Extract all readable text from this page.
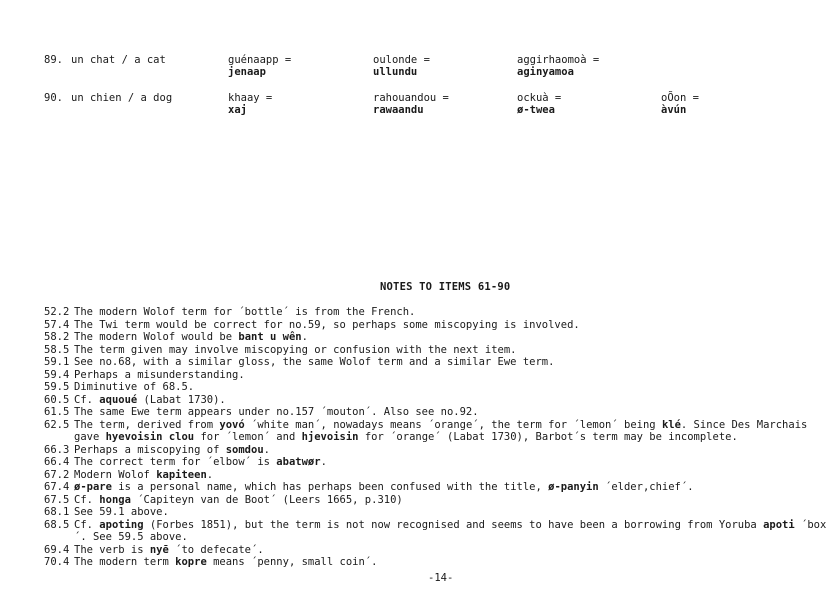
89. un chat / a cat	guénaapp =
jenaap
oulonde =
ullundu
aggirhaomoà =
aginyamoa
90. un chien / a dog	khaay =
xaj
rahouandou =
rawaandu
ockuà =
ø-twea
oÕon =
àvún
NOTES TO ITEMS 61-90
52.2 The modern Wolof term for ´bottle´ is from the French.
57.4 The Twi term would be correct for no.59, so perhaps some miscopying is involved.
58.2 The modern Wolof would be bant u wên.
58.5 The term given may involve miscopying or confusion with the next item.
59.1 See no.68, with a similar gloss, the same Wolof term and a similar Ewe term.
59.4 Perhaps a misunderstanding.
59.5 Diminutive of 68.5.
60.5 Cf. aquoué (Labat 1730).
61.5 The same Ewe term appears under no.157 ´mouton´. Also see no.92.
62.5 The term, derived from yovó ´white man´, nowadays means ´orange´, the term for ´lemon´ being klé. Since Des Marchais gave hyevoisin clou for ´lemon´ and hjevoisin for ´orange´ (Labat 1730), Barbot´s term may be incomplete.
66.3 Perhaps a miscopying of somdou.
66.4 The correct term for ´elbow´ is abatwør.
67.2 Modern Wolof kapiteen.
67.4 ø-pare is a personal name, which has perhaps been confused with the title, ø-panyin ´elder,chief´.
67.5 Cf. honga ´Capiteyn van de Boot´ (Leers 1665, p.310)
68.1 See 59.1 above.
68.5 Cf. apoting (Forbes 1851), but the term is not now recognised and seems to have been a borrowing from Yoruba apoti ´box´. See 59.5 above.
69.4 The verb is nyē ´to defecate´.
70.4 The modern term kopre means ´penny, small coin´.
-14-
